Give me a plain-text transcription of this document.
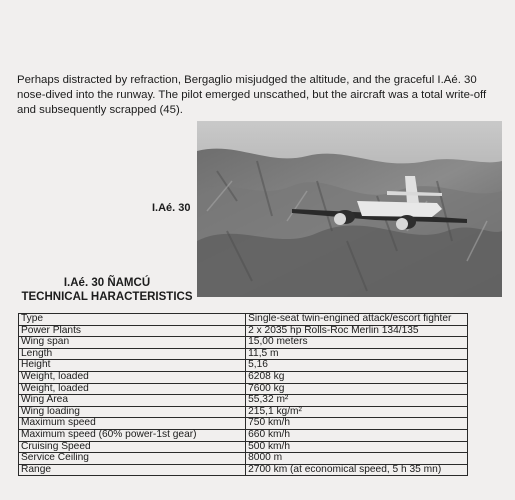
Perhaps distracted by refraction, Bergaglio misjudged the altitude, and the graceful I.Aé. 30 nose-dived into the runway. The pilot emerged unscathed, but the aircraft was a total write-off and subsequently scrapped (45).

I.Aé. 30
I.Aé. 30 ÑAMCÚ
TECHNICAL HARACTERISTICS
Type	Single-seat twin-engined attack/escort fighter
Power Plants	2 x 2035 hp Rolls-Roc Merlin 134/135
Wing span	15,00 meters
Length	11,5 m
Height	5,16
Weight, loaded	6208 kg
Weight, loaded	7600 kg
Wing Area	55,32 m²
Wing loading	215,1 kg/m²
Maximum speed	750 km/h
Maximum speed (60% power-1st gear)	660 km/h
Cruising Speed	500 km/h
Service Ceiling	8000 m
Range	2700 km (at economical speed, 5 h 35 mn)
